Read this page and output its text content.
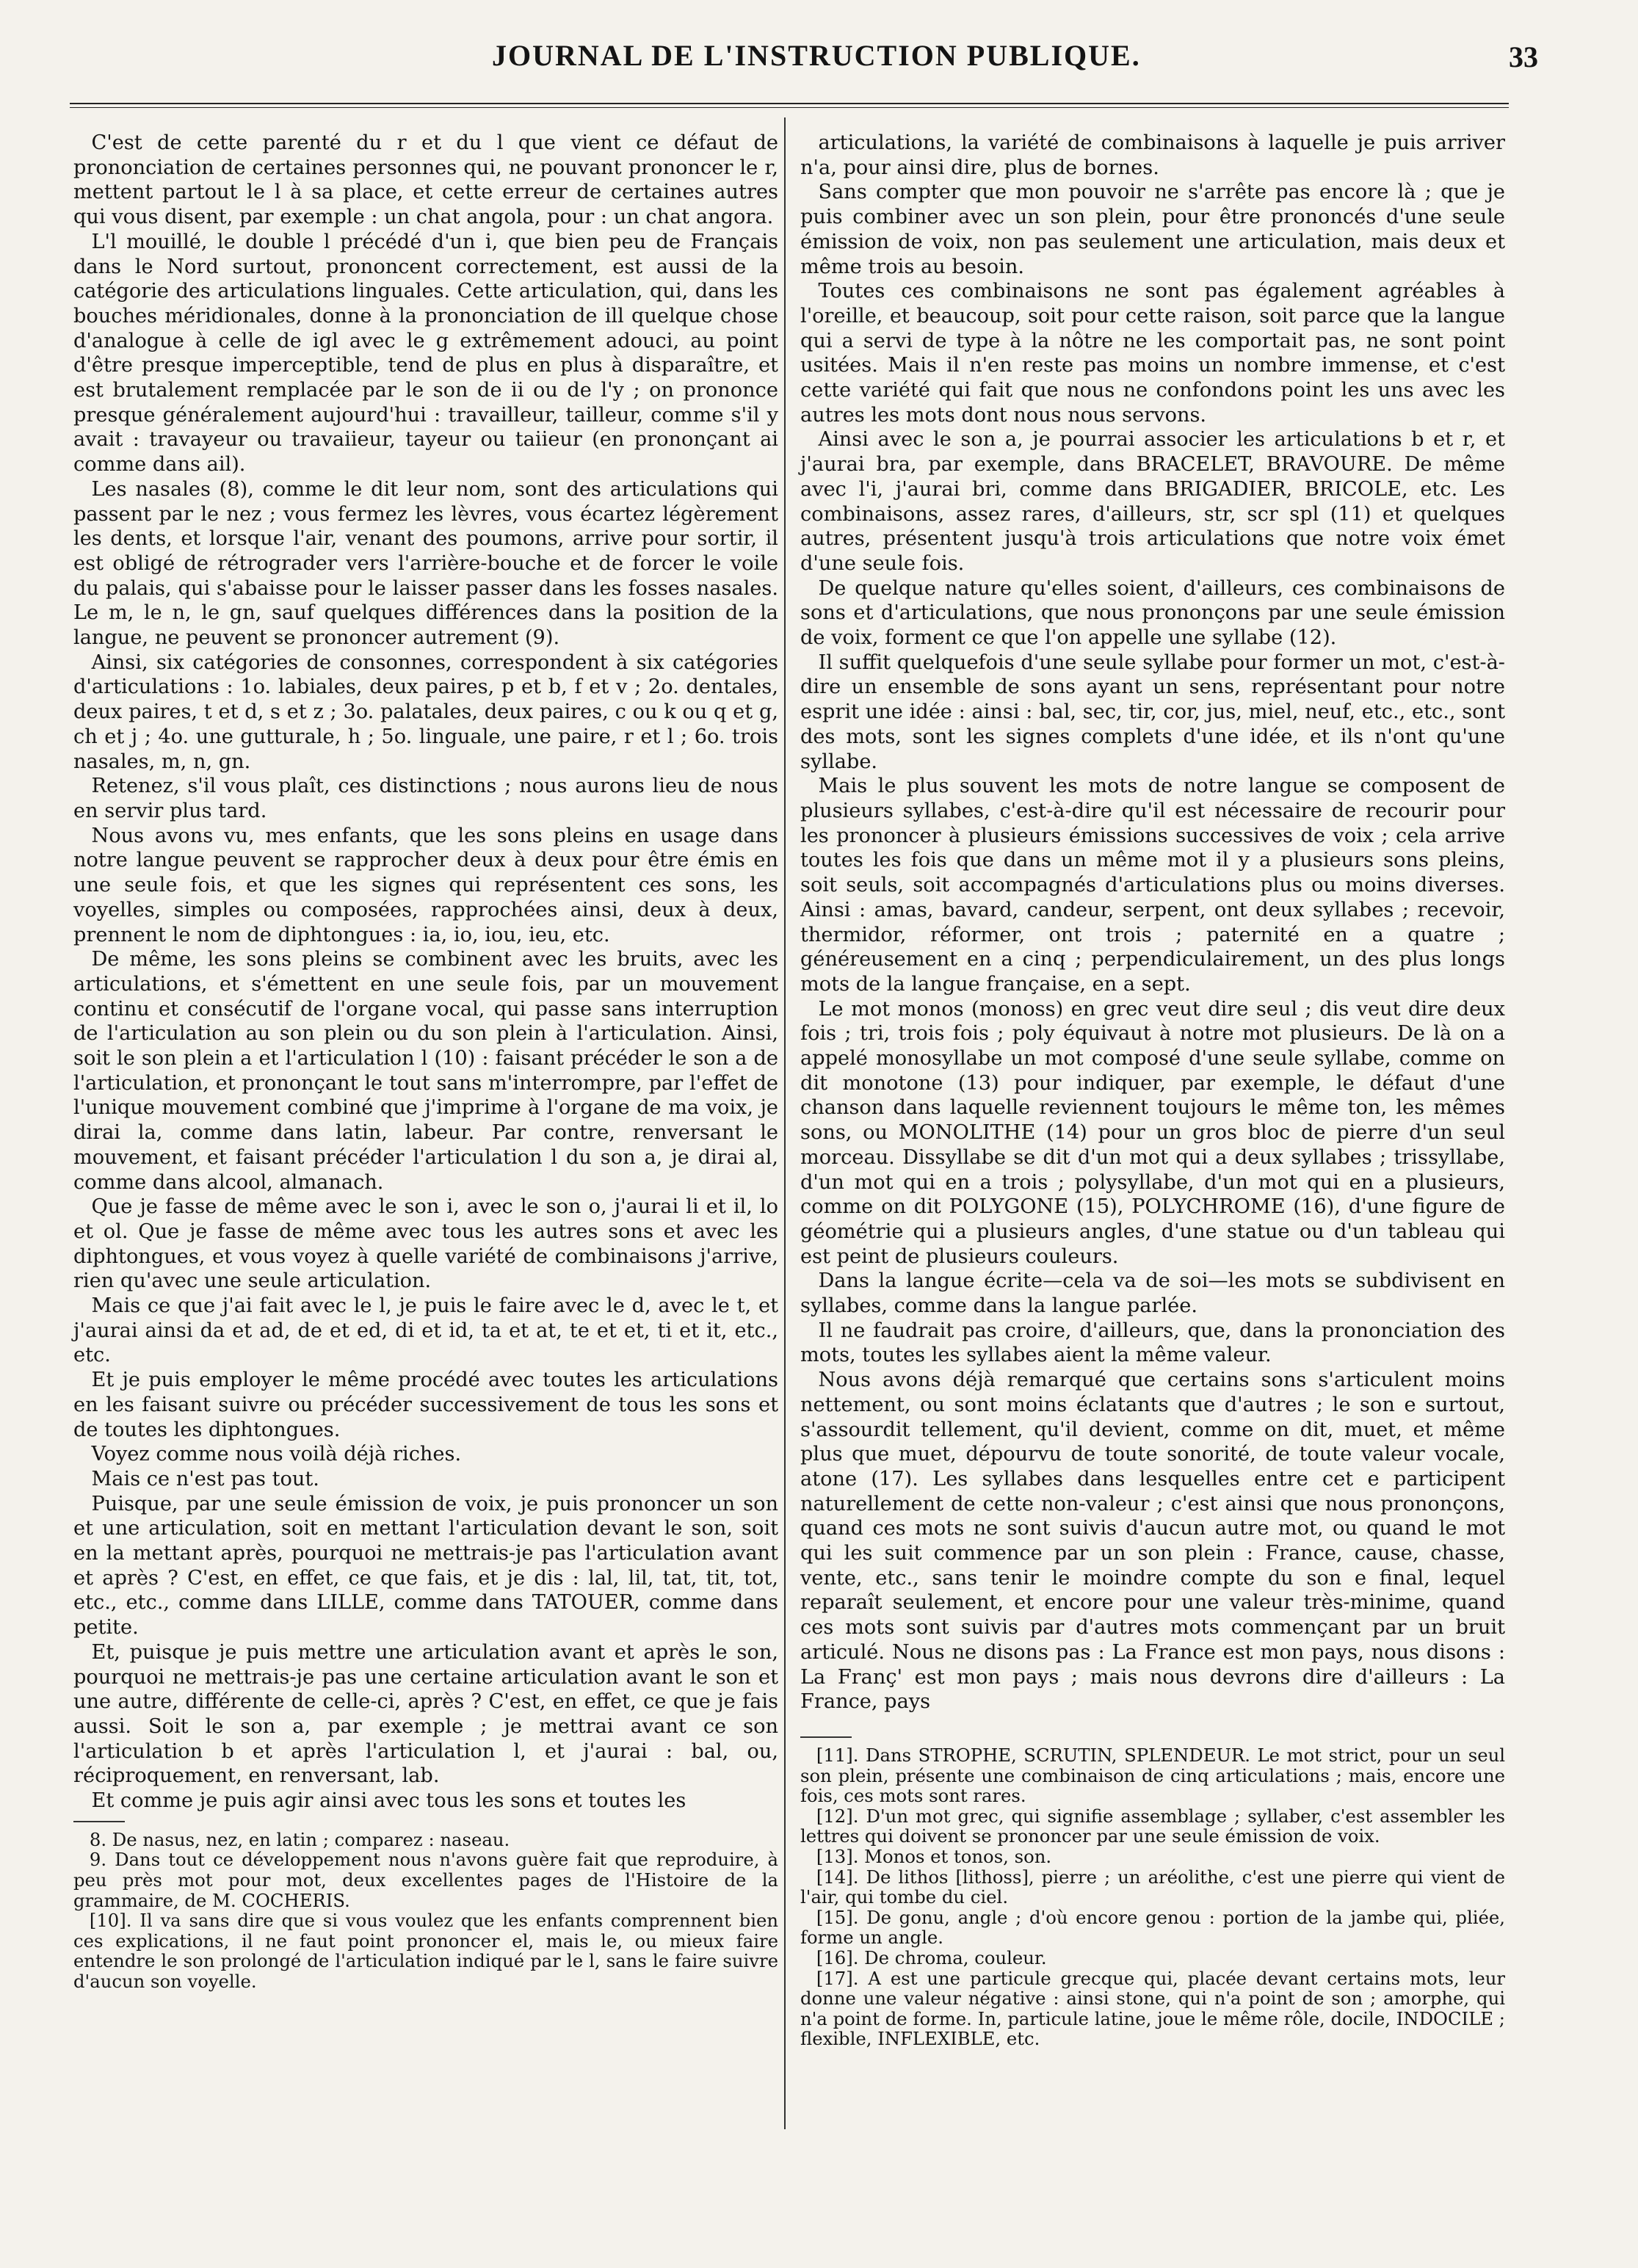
JOURNAL DE L'INSTRUCTION PUBLIQUE.	33

C'est de cette parenté du r et du l que vient ce défaut de prononciation de certaines personnes qui, ne pouvant prononcer le r, mettent partout le l à sa place, et cette erreur de certaines autres qui vous disent, par exemple : un chat angola, pour : un chat angora.

L'l mouillé, le double l précédé d'un i, que bien peu de Français dans le Nord surtout, prononcent correctement, est aussi de la catégorie des articulations linguales. Cette articulation, qui, dans les bouches méridionales, donne à la prononciation de ill quelque chose d'analogue à celle de igl avec le g extrêmement adouci, au point d'être presque imperceptible, tend de plus en plus à disparaître, et est brutalement remplacée par le son de ii ou de l'y ; on prononce presque généralement aujourd'hui : travailleur, tailleur, comme s'il y avait : travayeur ou travaiieur, tayeur ou taiieur (en prononçant ai comme dans ail).

Les nasales (8), comme le dit leur nom, sont des articulations qui passent par le nez ; vous fermez les lèvres, vous écartez légèrement les dents, et lorsque l'air, venant des poumons, arrive pour sortir, il est obligé de rétrograder vers l'arrière-bouche et de forcer le voile du palais, qui s'abaisse pour le laisser passer dans les fosses nasales. Le m, le n, le gn, sauf quelques différences dans la position de la langue, ne peuvent se prononcer autrement (9).

Ainsi, six catégories de consonnes, correspondent à six catégories d'articulations : 1o. labiales, deux paires, p et b, f et v ; 2o. dentales, deux paires, t et d, s et z ; 3o. palatales, deux paires, c ou k ou q et g, ch et j ; 4o. une gutturale, h ; 5o. linguale, une paire, r et l ; 6o. trois nasales, m, n, gn.

Retenez, s'il vous plaît, ces distinctions ; nous aurons lieu de nous en servir plus tard.

Nous avons vu, mes enfants, que les sons pleins en usage dans notre langue peuvent se rapprocher deux à deux pour être émis en une seule fois, et que les signes qui représentent ces sons, les voyelles, simples ou composées, rapprochées ainsi, deux à deux, prennent le nom de diphtongues : ia, io, iou, ieu, etc.

De même, les sons pleins se combinent avec les bruits, avec les articulations, et s'émettent en une seule fois, par un mouvement continu et consécutif de l'organe vocal, qui passe sans interruption de l'articulation au son plein ou du son plein à l'articulation. Ainsi, soit le son plein a et l'articulation l (10) : faisant précéder le son a de l'articulation, et prononçant le tout sans m'interrompre, par l'effet de l'unique mouvement combiné que j'imprime à l'organe de ma voix, je dirai la, comme dans latin, labeur. Par contre, renversant le mouvement, et faisant précéder l'articulation l du son a, je dirai al, comme dans alcool, almanach.

Que je fasse de même avec le son i, avec le son o, j'aurai li et il, lo et ol. Que je fasse de même avec tous les autres sons et avec les diphtongues, et vous voyez à quelle variété de combinaisons j'arrive, rien qu'avec une seule articulation.

Mais ce que j'ai fait avec le l, je puis le faire avec le d, avec le t, et j'aurai ainsi da et ad, de et ed, di et id, ta et at, te et et, ti et it, etc., etc.

Et je puis employer le même procédé avec toutes les articulations en les faisant suivre ou précéder successivement de tous les sons et de toutes les diphtongues.

Voyez comme nous voilà déjà riches.

Mais ce n'est pas tout.

Puisque, par une seule émission de voix, je puis prononcer un son et une articulation, soit en mettant l'articulation devant le son, soit en la mettant après, pourquoi ne mettrais-je pas l'articulation avant et après ? C'est, en effet, ce que fais, et je dis : lal, lil, tat, tit, tot, etc., etc., comme dans LILLE, comme dans TATOUER, comme dans petite.

Et, puisque je puis mettre une articulation avant et après le son, pourquoi ne mettrais-je pas une certaine articulation avant le son et une autre, différente de celle-ci, après ? C'est, en effet, ce que je fais aussi. Soit le son a, par exemple ; je mettrai avant ce son l'articulation b et après l'articulation l, et j'aurai : bal, ou, réciproquement, en renversant, lab.

Et comme je puis agir ainsi avec tous les sons et toutes les

8. De nasus, nez, en latin ; comparez : naseau.

9. Dans tout ce développement nous n'avons guère fait que reproduire, à peu près mot pour mot, deux excellentes pages de l'Histoire de la grammaire, de M. COCHERIS.

[10]. Il va sans dire que si vous voulez que les enfants comprennent bien ces explications, il ne faut point prononcer el, mais le, ou mieux faire entendre le son prolongé de l'articulation indiqué par le l, sans le faire suivre d'aucun son voyelle.

articulations, la variété de combinaisons à laquelle je puis arriver n'a, pour ainsi dire, plus de bornes.

Sans compter que mon pouvoir ne s'arrête pas encore là ; que je puis combiner avec un son plein, pour être prononcés d'une seule émission de voix, non pas seulement une articulation, mais deux et même trois au besoin.

Toutes ces combinaisons ne sont pas également agréables à l'oreille, et beaucoup, soit pour cette raison, soit parce que la langue qui a servi de type à la nôtre ne les comportait pas, ne sont point usitées. Mais il n'en reste pas moins un nombre immense, et c'est cette variété qui fait que nous ne confondons point les uns avec les autres les mots dont nous nous servons.

Ainsi avec le son a, je pourrai associer les articulations b et r, et j'aurai bra, par exemple, dans BRACELET, BRAVOURE. De même avec l'i, j'aurai bri, comme dans BRIGADIER, BRICOLE, etc. Les combinaisons, assez rares, d'ailleurs, str, scr spl (11) et quelques autres, présentent jusqu'à trois articulations que notre voix émet d'une seule fois.

De quelque nature qu'elles soient, d'ailleurs, ces combinaisons de sons et d'articulations, que nous prononçons par une seule émission de voix, forment ce que l'on appelle une syllabe (12).

Il suffit quelquefois d'une seule syllabe pour former un mot, c'est-à-dire un ensemble de sons ayant un sens, représentant pour notre esprit une idée : ainsi : bal, sec, tir, cor, jus, miel, neuf, etc., etc., sont des mots, sont les signes complets d'une idée, et ils n'ont qu'une syllabe.

Mais le plus souvent les mots de notre langue se composent de plusieurs syllabes, c'est-à-dire qu'il est nécessaire de recourir pour les prononcer à plusieurs émissions successives de voix ; cela arrive toutes les fois que dans un même mot il y a plusieurs sons pleins, soit seuls, soit accompagnés d'articulations plus ou moins diverses. Ainsi : amas, bavard, candeur, serpent, ont deux syllabes ; recevoir, thermidor, réformer, ont trois ; paternité en a quatre ; généreusement en a cinq ; perpendiculairement, un des plus longs mots de la langue française, en a sept.

Le mot monos (monoss) en grec veut dire seul ; dis veut dire deux fois ; tri, trois fois ; poly équivaut à notre mot plusieurs. De là on a appelé monosyllabe un mot composé d'une seule syllabe, comme on dit monotone (13) pour indiquer, par exemple, le défaut d'une chanson dans laquelle reviennent toujours le même ton, les mêmes sons, ou MONOLITHE (14) pour un gros bloc de pierre d'un seul morceau. Dissyllabe se dit d'un mot qui a deux syllabes ; trissyllabe, d'un mot qui en a trois ; polysyllabe, d'un mot qui en a plusieurs, comme on dit POLYGONE (15), POLYCHROME (16), d'une figure de géométrie qui a plusieurs angles, d'une statue ou d'un tableau qui est peint de plusieurs couleurs.

Dans la langue écrite—cela va de soi—les mots se subdivisent en syllabes, comme dans la langue parlée.

Il ne faudrait pas croire, d'ailleurs, que, dans la prononciation des mots, toutes les syllabes aient la même valeur.

Nous avons déjà remarqué que certains sons s'articulent moins nettement, ou sont moins éclatants que d'autres ; le son e surtout, s'assourdit tellement, qu'il devient, comme on dit, muet, et même plus que muet, dépourvu de toute sonorité, de toute valeur vocale, atone (17). Les syllabes dans lesquelles entre cet e participent naturellement de cette non-valeur ; c'est ainsi que nous prononçons, quand ces mots ne sont suivis d'aucun autre mot, ou quand le mot qui les suit commence par un son plein : France, cause, chasse, vente, etc., sans tenir le moindre compte du son e final, lequel reparaît seulement, et encore pour une valeur très-minime, quand ces mots sont suivis par d'autres mots commençant par un bruit articulé. Nous ne disons pas : La France est mon pays, nous disons : La Franç' est mon pays ; mais nous devrons dire d'ailleurs : La France, pays

[11]. Dans STROPHE, SCRUTIN, SPLENDEUR. Le mot strict, pour un seul son plein, présente une combinaison de cinq articulations ; mais, encore une fois, ces mots sont rares.

[12]. D'un mot grec, qui signifie assemblage ; syllaber, c'est assembler les lettres qui doivent se prononcer par une seule émission de voix.

[13]. Monos et tonos, son.

[14]. De lithos [lithoss], pierre ; un aréolithe, c'est une pierre qui vient de l'air, qui tombe du ciel.

[15]. De gonu, angle ; d'où encore genou : portion de la jambe qui, pliée, forme un angle.

[16]. De chroma, couleur.

[17]. A est une particule grecque qui, placée devant certains mots, leur donne une valeur négative : ainsi stone, qui n'a point de son ; amorphe, qui n'a point de forme. In, particule latine, joue le même rôle, docile, INDOCILE ; flexible, INFLEXIBLE, etc.
